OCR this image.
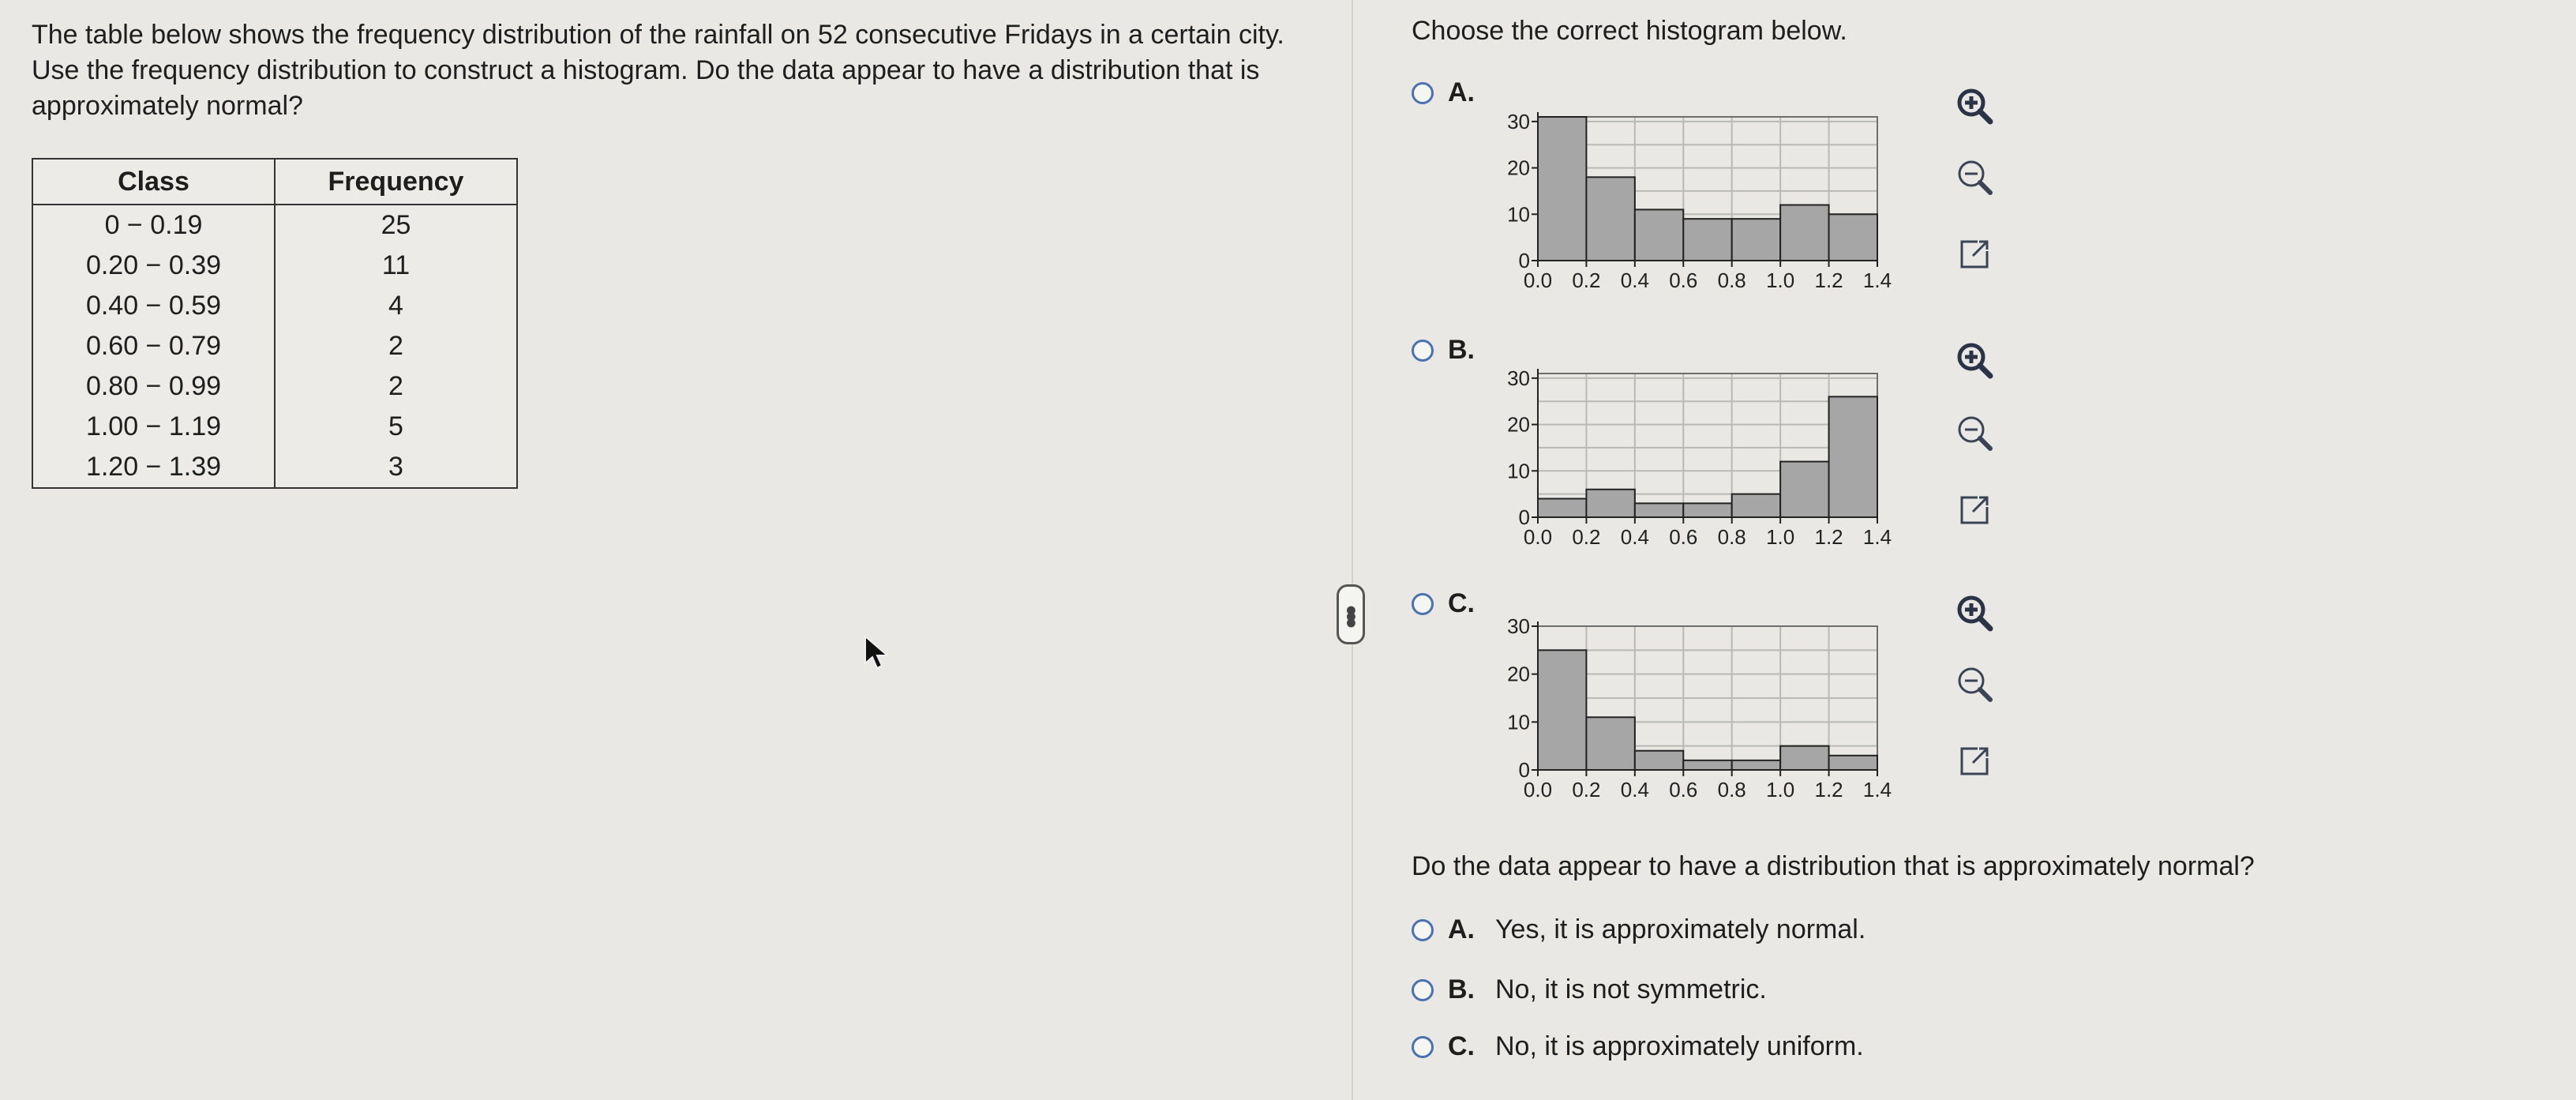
The table below shows the frequency distribution of the rainfall on 52 consecutive Fridays in a certain city. Use the frequency distribution to construct a histogram. Do the data appear to have a distribution that is approximately normal?
Class	Frequency
0 − 0.19	25
0.20 − 0.39	11
0.40 − 0.59	4
0.60 − 0.79	2
0.80 − 0.99	2
1.00 − 1.19	5
1.20 − 1.39	3
•••
Choose the correct histogram below.
A.
B.
C.
0
10
20
30
0.0 0.2 0.4 0.6 0.8 1.0 1.2 1.4
0
10
20
30
0.0 0.2 0.4 0.6 0.8 1.0 1.2 1.4
0
10
20
30
0.0 0.2 0.4 0.6 0.8 1.0 1.2 1.4
Do the data appear to have a distribution that is approximately normal?
A. Yes, it is approximately normal.
B. No, it is not symmetric.
C. No, it is approximately uniform.
